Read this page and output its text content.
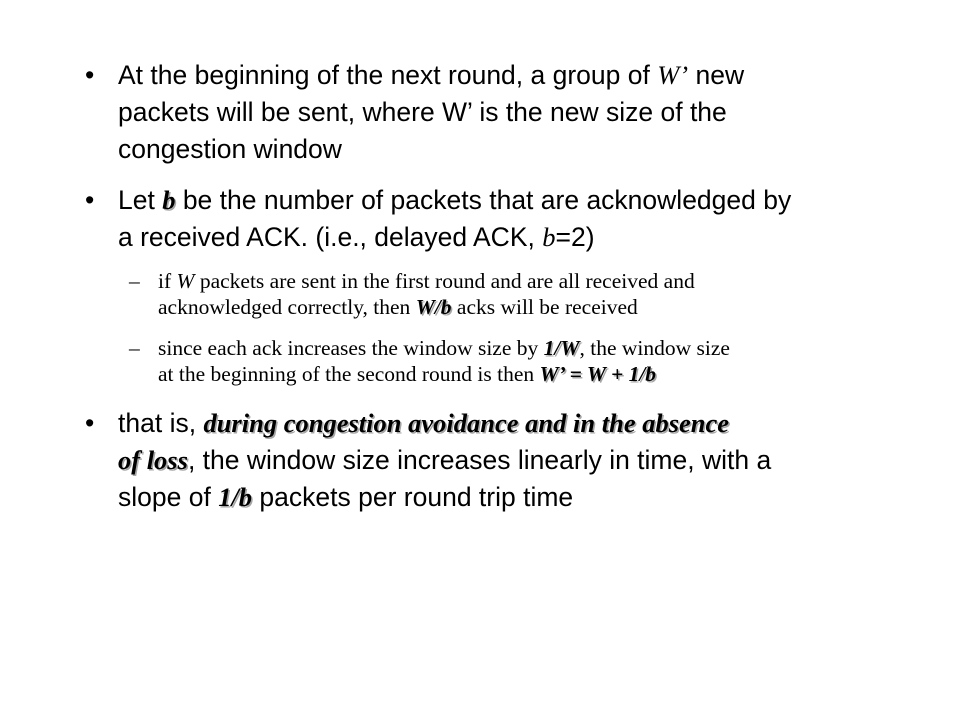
• At the beginning of the next round, a group of W’ new
packets will be sent, where W’ is the new size of the
congestion window
• Let b be the number of packets that are acknowledged by
a received ACK. (i.e., delayed ACK, b=2)
– if W packets are sent in the first round and are all received and
acknowledged correctly, then W/b acks will be received
– since each ack increases the window size by 1/W, the window size
at the beginning of the second round is then W’ = W + 1/b
• that is, during congestion avoidance and in the absence
of loss, the window size increases linearly in time, with a
slope of 1/b packets per round trip time
